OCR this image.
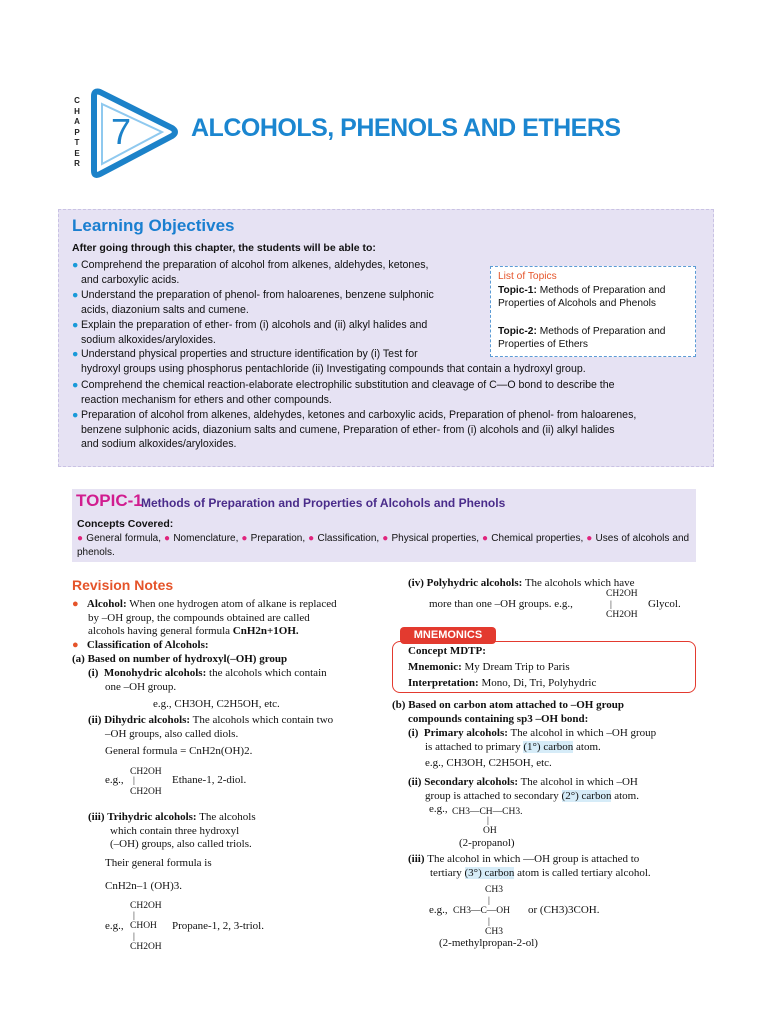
C
H
A
P
T
E
R
7 ALCOHOLS, PHENOLS AND ETHERS
Learning Objectives
After going through this chapter, the students will be able to:
● Comprehend the preparation of alcohol from alkenes, aldehydes, ketones,
and carboxylic acids.
● Understand the preparation of phenol- from haloarenes, benzene sulphonic
acids, diazonium salts and cumene.
● Explain the preparation of ether- from (i) alcohols and (ii) alkyl halides and
sodium alkoxides/aryloxides.
● Understand physical properties and structure identification by (i) Test for
hydroxyl groups using phosphorus pentachloride (ii) Investigating compounds that contain a hydroxyl group.
● Comprehend the chemical reaction-elaborate electrophilic substitution and cleavage of C—O bond to describe the
reaction mechanism for ethers and other compounds.
● Preparation of alcohol from alkenes, aldehydes, ketones and carboxylic acids, Preparation of phenol- from haloarenes,
benzene sulphonic acids, diazonium salts and cumene, Preparation of ether- from (i) alcohols and (ii) alkyl halides
and sodium alkoxides/aryloxides.
List of Topics
Topic-1: Methods of Preparation and
Properties of Alcohols and Phenols
Topic-2: Methods of Preparation and
Properties of Ethers
TOPIC-1
Methods of Preparation and Properties of Alcohols and Phenols
Concepts Covered:
● General formula, ● Nomenclature, ● Preparation, ● Classification, ● Physical properties, ● Chemical properties, ● Uses of alcohols and phenols.
Revision Notes
● Alcohol: When one hydrogen atom of alkane is replaced
by –OH group, the compounds obtained are called
alcohols having general formula CnH2n+1OH.
● Classification of Alcohols:
(a) Based on number of hydroxyl(–OH) group
(i) Monohydric alcohols: the alcohols which contain
one –OH group.
e.g., CH3OH, C2H5OH, etc.
(ii) Dihydric alcohols: The alcohols which contain two
–OH groups, also called diols.
General formula = CnH2n(OH)2.
CH2OH
e.g., |	Ethane-1, 2-diol.
CH2OH
(iii) Trihydric alcohols: The alcohols
which contain three hydroxyl
(–OH) groups, also called triols.
Their general formula is
CnH2n–1 (OH)3.
CH2OH
|
e.g., CHOH Propane-1, 2, 3-triol.
|
CH2OH
(iv) Polyhydric alcohols: The alcohols which have
more than one –OH groups. e.g.,
CH2OH
|
CH2OH
Glycol.
MNEMONICS
Concept MDTP:
Mnemonic: My Dream Trip to Paris
Interpretation: Mono, Di, Tri, Polyhydric
(b) Based on carbon atom attached to –OH group
compounds containing sp3 –OH bond:
(i) Primary alcohols: The alcohol in which –OH group
is attached to primary (1°) carbon atom.
e.g., CH3OH, C2H5OH, etc.
(ii) Secondary alcohols: The alcohol in which –OH
group is attached to secondary (2°) carbon atom.
e.g., CH3—CH—CH3.
|
OH
(2-propanol)
(iii) The alcohol in which —OH group is attached to
tertiary (3°) carbon atom is called tertiary alcohol.
CH3
|
e.g., CH3—C—OH or (CH3)3COH.
|
CH3
(2-methylpropan-2-ol)
